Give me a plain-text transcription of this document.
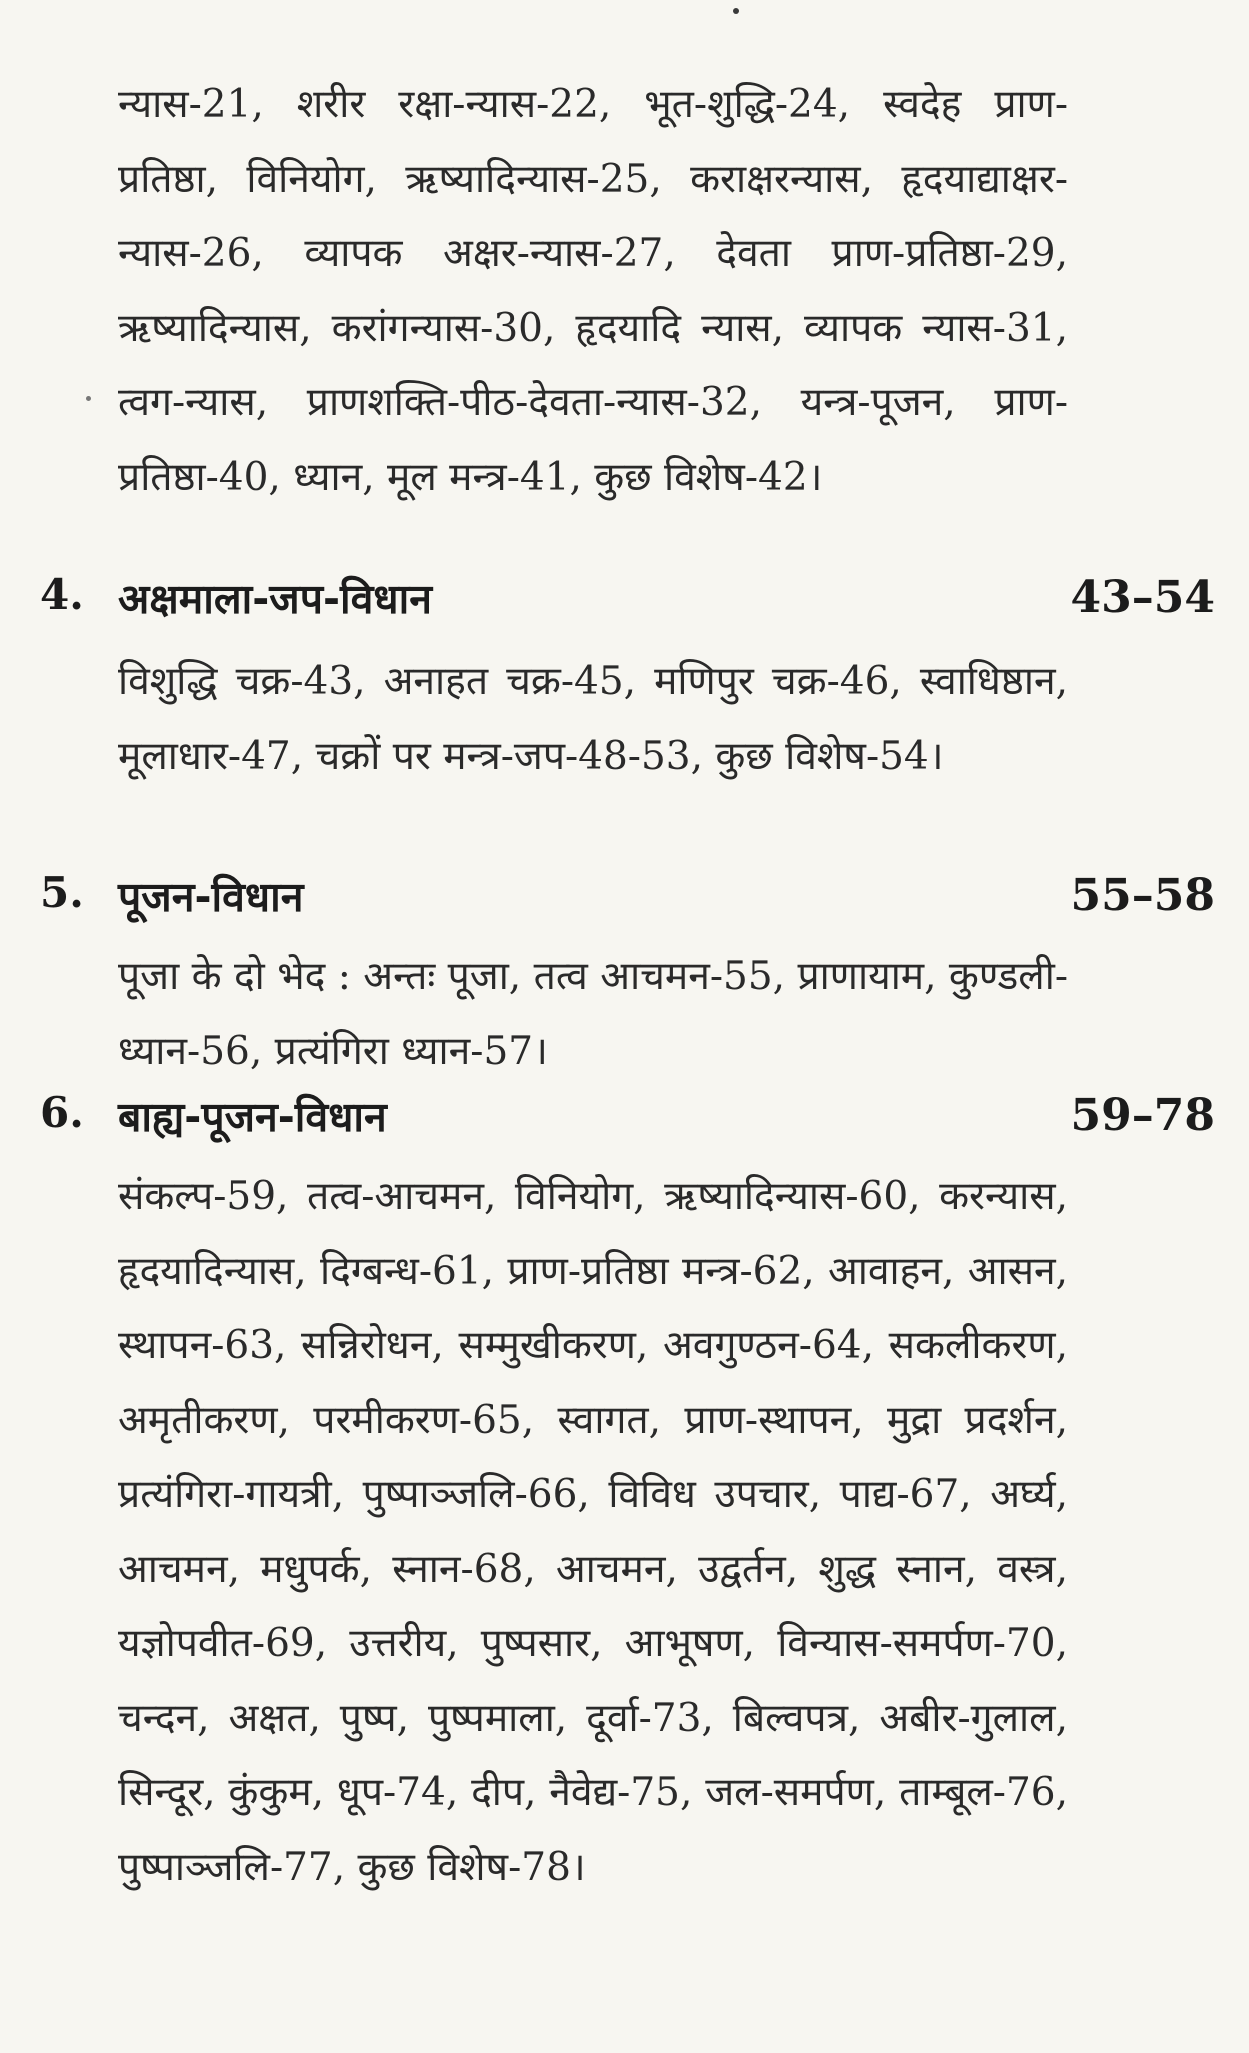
न्यास-21, शरीर रक्षा-न्यास-22, भूत-शुद्धि-24, स्वदेह प्राण- प्रतिष्ठा, विनियोग, ऋष्यादिन्यास-25, कराक्षरन्यास, हृदयाद्याक्षर-न्यास-26, व्यापक अक्षर-न्यास-27, देवता प्राण-प्रतिष्ठा-29, ऋष्यादिन्यास, करांगन्यास-30, हृदयादि न्यास, व्यापक न्यास-31, त्वग-न्यास, प्राणशक्ति-पीठ-देवता-न्यास-32, यन्त्र-पूजन, प्राण-प्रतिष्ठा-40, ध्यान, मूल मन्त्र-41, कुछ विशेष-42।

4. अक्षमाला-जप-विधान	43–54

विशुद्धि चक्र-43, अनाहत चक्र-45, मणिपुर चक्र-46, स्वाधिष्ठान, मूलाधार-47, चक्रों पर मन्त्र-जप-48-53, कुछ विशेष-54।

5. पूजन-विधान	55–58

पूजा के दो भेद : अन्तः पूजा, तत्व आचमन-55, प्राणायाम, कुण्डली-ध्यान-56, प्रत्यंगिरा ध्यान-57।

6. बाह्य-पूजन-विधान	59–78

संकल्प-59, तत्व-आचमन, विनियोग, ऋष्यादिन्यास-60, करन्यास, हृदयादिन्यास, दिग्बन्ध-61, प्राण-प्रतिष्ठा मन्त्र-62, आवाहन, आसन, स्थापन-63, सन्निरोधन, सम्मुखीकरण, अवगुण्ठन-64, सकलीकरण, अमृतीकरण, परमीकरण-65, स्वागत, प्राण-स्थापन, मुद्रा प्रदर्शन, प्रत्यंगिरा-गायत्री, पुष्पाञ्जलि-66, विविध उपचार, पाद्य-67, अर्घ्य, आचमन, मधुपर्क, स्नान-68, आचमन, उद्वर्तन, शुद्ध स्नान, वस्त्र, यज्ञोपवीत-69, उत्तरीय, पुष्पसार, आभूषण, विन्यास-समर्पण-70, चन्दन, अक्षत, पुष्प, पुष्पमाला, दूर्वा-73, बिल्वपत्र, अबीर-गुलाल, सिन्दूर, कुंकुम, धूप-74, दीप, नैवेद्य-75, जल-समर्पण, ताम्बूल-76, पुष्पाञ्जलि-77, कुछ विशेष-78।
